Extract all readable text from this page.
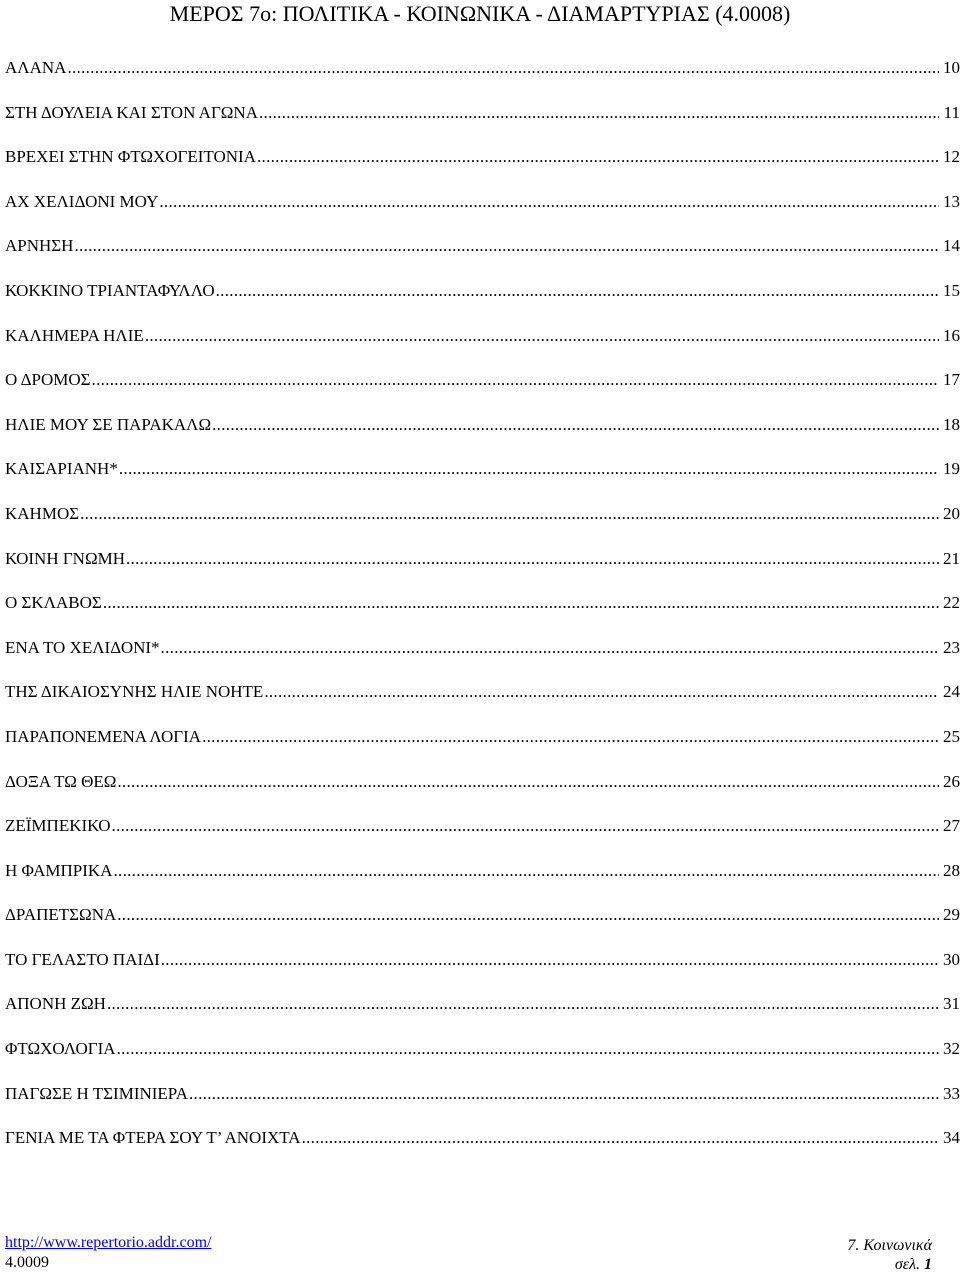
ΜΕΡΟΣ 7ο: ΠΟΛΙΤΙΚΑ - ΚΟΙΝΩΝΙΚΑ - ΔΙΑΜΑΡΤΥΡΙΑΣ (4.0008)
ΑΛΑΝΑ .....	10
ΣΤΗ ΔΟΥΛΕΙΑ ΚΑΙ ΣΤΟΝ ΑΓΩΝΑ .....	11
ΒΡΕΧΕΙ ΣΤΗΝ ΦΤΩΧΟΓΕΙΤΟΝΙΑ .....	12
ΑΧ ΧΕΛΙΔΟΝΙ ΜΟΥ .....	13
ΑΡΝΗΣΗ .....	14
ΚΟΚΚΙΝΟ ΤΡΙΑΝΤΑΦΥΛΛΟ .....	15
ΚΑΛΗΜΕΡΑ ΗΛΙΕ .....	16
Ο ΔΡΟΜΟΣ .....	17
ΗΛΙΕ ΜΟΥ ΣΕ ΠΑΡΑΚΑΛΩ .....	18
ΚΑΙΣΑΡΙΑΝΗ* .....	19
ΚΑΗΜΟΣ .....	20
ΚΟΙΝΗ ΓΝΩΜΗ .....	21
Ο ΣΚΛΑΒΟΣ .....	22
ΕΝΑ ΤΟ ΧΕΛΙΔΟΝΙ* .....	23
ΤΗΣ ΔΙΚΑΙΟΣΥΝΗΣ ΗΛΙΕ ΝΟΗΤΕ .....	24
ΠΑΡΑΠΟΝΕΜΕΝΑ ΛΟΓΙΑ .....	25
ΔΟΞΑ ΤΩ ΘΕΩ .....	26
ΖΕΪΜΠΕΚΙΚΟ .....	27
Η ΦΑΜΠΡΙΚΑ .....	28
ΔΡΑΠΕΤΣΩΝΑ .....	29
ΤΟ ΓΕΛΑΣΤΟ ΠΑΙΔΙ .....	30
ΑΠΟΝΗ ΖΩΗ .....	31
ΦΤΩΧΟΛΟΓΙΑ .....	32
ΠΑΓΩΣΕ Η ΤΣΙΜΙΝΙΕΡΑ .....	33
ΓΕΝΙΑ ΜΕ ΤΑ ΦΤΕΡΑ ΣΟΥ Τ’ ΑΝΟΙΧΤΑ .....	34
http://www.repertorio.addr.com/
4.0009
7. Κοινωνικά
σελ. 1
